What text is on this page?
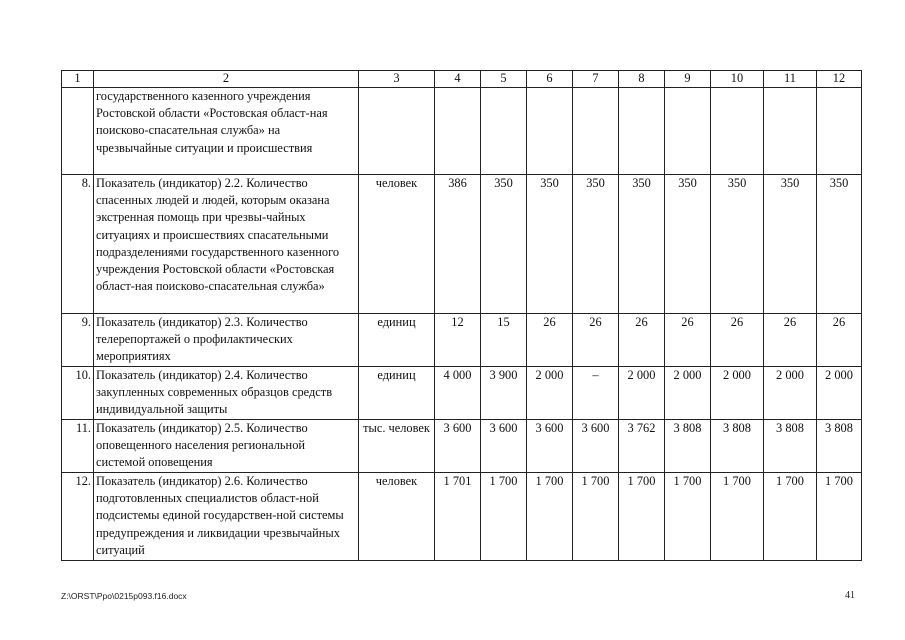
1	2	3	4	5	6	7	8	9	10	11	12
	государственного казенного учреждения Ростовской области «Ростовская област-ная поисково-спасательная служба» на чрезвычайные ситуации и происшествия										
8.	Показатель (индикатор) 2.2. Количество спасенных людей и людей, которым оказана экстренная помощь при чрезвы-чайных ситуациях и происшествиях спасательными подразделениями государственного казенного учреждения Ростовской области «Ростовская област-ная поисково-спасательная служба»	человек	386	350	350	350	350	350	350	350	350
9.	Показатель (индикатор) 2.3. Количество телерепортажей о профилактических мероприятиях	единиц	12	15	26	26	26	26	26	26	26
10.	Показатель (индикатор) 2.4. Количество закупленных современных образцов средств индивидуальной защиты	единиц	4 000	3 900	2 000	–	2 000	2 000	2 000	2 000	2 000
11.	Показатель (индикатор) 2.5. Количество оповещенного населения региональной системой оповещения	тыс. человек	3 600	3 600	3 600	3 600	3 762	3 808	3 808	3 808	3 808
12.	Показатель (индикатор) 2.6. Количество подготовленных специалистов област-ной подсистемы единой государствен-ной системы предупреждения и ликвидации чрезвычайных ситуаций	человек	1 701	1 700	1 700	1 700	1 700	1 700	1 700	1 700	1 700
Z:\ORST\Ppo\0215p093.f16.docx	41
